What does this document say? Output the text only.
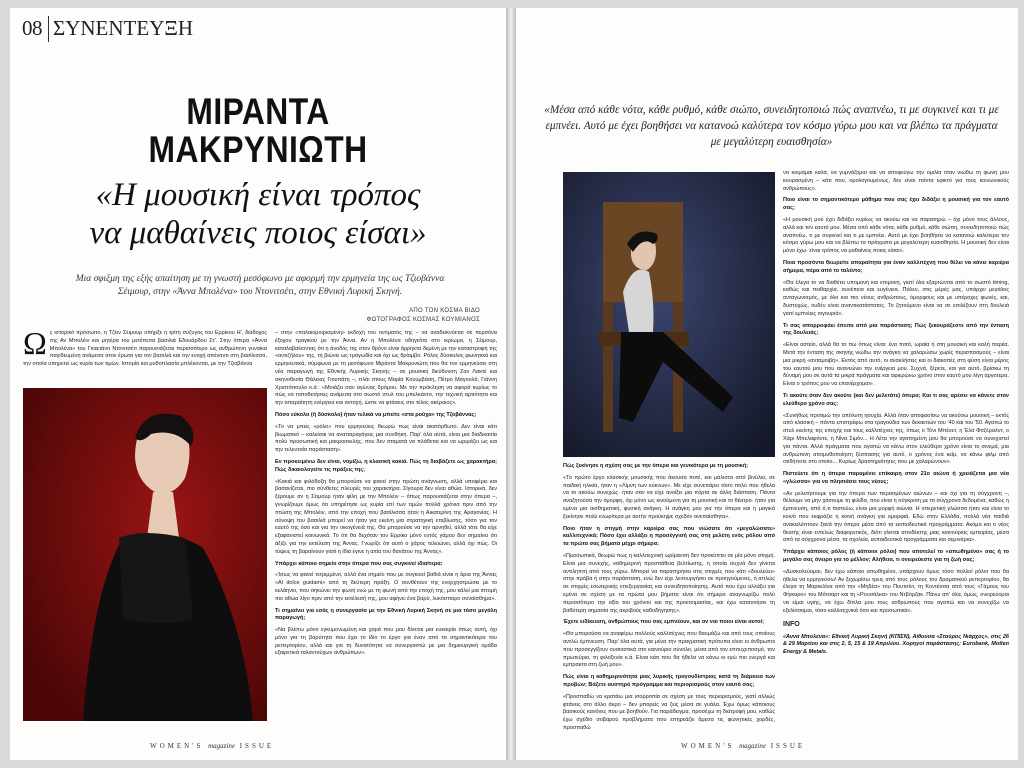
08 ΣΥΝΕΝΤΕΥΞΗ
ΜΙΡΑΝΤΑ
ΜΑΚΡΥΝΙΩΤΗ
«Η μουσική είναι τρόπος
να μαθαίνεις ποιος είσαι»
Μια σφιξμη της εξής απαίτηση με τη γνωστή μεσόφωνο με αφορμή την ερμηνεία της ως Τζιοβάννα Σέιμουρ, στην «Άννα Μπολένα» του Ντονιτσέτι, στην Εθνική Λυρική Σκηνή.
ΑΠΟ ΤΟΝ ΚΟΣΜΑ ΒΙΔΟ
ΦΩΤΟΓΡΑΦΟΣ ΚΟΣΜΑΣ ΚΟΥΜΙΑΝΟΣ
Ω ς ιστορικό πρόσωπο, η Τζέιν Σέιμουρ υπήρξε η τρίτη σύζυγος του Ερρίκου Η', διάδοχος της Αν Μπολέιν και μητέρα του μετέπειτα βασιλιά Εδουάρδου Στ'. Στην όπερα «Άννα Μπολένα» του Γκαετάνο Ντονιτσέτι παρουσιάζεται περισσότερο ως ανθρώπινη γυναίκα παγιδευμένη ανάμεσα στον έρωτα για τον βασιλιά και την ενοχή απέναντι στη βασίλισσα, την οποία υπηρετεί ως κυρία των τιμών. Ιστορία και μυθοπλασία μπλέκονται, με την Τζιοβάννα

– στην «παλαιομοιρισμένη» εκδοχή του ονόματός της – να αναδεικνύεται σε περσόνα έξοχου τραγικού με την Άννα. Αν η Μπολένα οδηγείται στο ικρίωμα, η Σέιμουρ, καταλαβαίνοντας ότι η άνοδός της στον θρόνο είναι άρρηκτα δεμένη με την καταστροφή της «αντιζήλου» της, τη βιώνει ως τραγωδία και όχι ως θρίαμβο. Ρόλος δύσκολος φωνητικά και ερμηνευτικά, σύμφωνα με τη μεσόφωνο Μιράντα Μακρυνιώτη που θα τον ερμηνεύσει στη νέα παραγωγή της Εθνικής Λυρικής Σκηνής – σε μουσική διεύθυνση Ζαν Λακτέ και σκηνοθεσία Θάλειας Γιουπάτη –, πλάι στους Μαρία Κουυμβάση, Πέτρο Μαγουλά, Γιάννη Χριστόπουλο κ.ά.: «Μοιάζει σαν αγώνας δρόμου. Με την πρόκληση να αφορά κυρίως το πώς να τοποθετήσεις ανάμεσα στο σωστό στυλ του μπελκάντο, την τεχνική αρτιότητα και την απαραίτητη ενέργεια και αντοχή, ώστε να φτάσεις στο τέλος ακέραιος».

Πόσο εύκολο (ή δύσκολο) ήταν τελικά να μπείτε «στα ρούχα» της Τζοβάννας;

«Το να μπεις «ρόλο» που ερμηνεύεις θεωρώ πως είναι ακατόρθωτο. Δεν είναι κάτι βιωματικό – καλείσαι να αναπαραγάγεις μια συνθήκη. Παρ' όλα αυτά, είναι μια διαδικασία πολύ προσωπική και μακροσκελής, που δεν σταματά να πλάθεται και να ωριμάζει ως και την τελευταία παράσταση».

Εν προκειμένω δεν είναι, νομίζω, η κλασική κακιά. Πώς τη διαβάζετε ως χαρακτήρα; Πώς δικαιολογείτε τις πράξεις της;

«Κακιά και φιλόδοξη θα μπορούσε να φανεί στην πρώτη ανάγνωση, αλλά υποφέρει και βασανίζεται, πιο σύνθετες πλευρές του χαρακτήρα. Σίγουρα δεν είναι αθώα. Ιστορικά, δεν ξέρουμε αν η Σέιμουρ ήταν φίλη με την Μπολέιν – όπως παρουσιάζεται στην όπερα –, γνωρίζουμε όμως ότι υπηρέτησε ως κυρία επί των τιμών πολλά χρόνια πριν από την πτώση της Μπολέιν, από την εποχή που βασίλισσα ήταν η Αικατερίνη της Αραγονίας. Η σύνοψη του βασιλιά μπορεί να ήταν για εκείνη μια στρατηγική επιβίωσης, τόσο για τον εαυτό της όσο και για την οικογένειά της. Θα μπορούσε να την αρνηθεί, αλλά τότε θα είχε εξαφανιστεί κοινωνικά. Το ότι θα δεχόταν τον Ερρίκο μόνο εντός γάμου δεν σημαίνει ότι άξιζε για την εκτέλεση της Άννας. Γνωρίζε ότι αυτό ο χάρος τελειώνει, αλλά όχι πώς. Οι τύψεις τη βαραίνουν γιατί η ίδια έγινε η αιτία του θανάτου της Άννας».

Υπάρχει κάποιο σημείο στην όπερα που σας συγκινεί ιδιαίτερα;

«Ίσως να φανεί τετριμμένο, αλλά ένα σημείο που με συγκινεί βαθιά είναι η άρια της Άννας «Al dolce guidami» από τη δεύτερη πράξη. Ο συνθέτουν της ενορχηστρώσει με το κελάηνιο, που σηκώνει την φωνή ενώ με τη φωνή από την εποχή της, μου κάλεί μια ιπτομή πιο αθώα λίγο πριν από την εκτέλεσή της, μου αφήνει ένα βαρύ, λυκόσπαρο συναίσθημα».

Τι σημαίνει για εσάς η συνεργασία με την Εθνική Λυρική Σκηνή σε μια τόσο μεγάλη παραγωγή;

«Να βλέπω μόνο εγκυμονωμένη και χαρά που μου δίνεται μια ευκαιρία όπως αυτή, όχι μόνο για τη βαρύτητα που έχει το ίδιο το έργο για έναν από τα σημαντικότερα του ρεπερτορίου, αλλά και για τη δυνατότητα να συνεργαστώ με μια δημιουργική ομάδα εξαιρετικά ταλαντούχων ανθρώπων».

WOMEN'S magazine ISSUE
«Μέσα από κάθε νότα, κάθε ρυθμό, κάθε σιώπο, συνειδητοποιώ πώς αναπνέω, τι με συγκινεί και τι με εμπνέει. Αυτό με έχει βοηθήσει να κατανοώ καλύτερα τον κόσμο γύρω μου και να βλέπω τα πράγματα με μεγαλύτερη ευαισθησία»

Πώς ξεκίνησε η σχέση σας με την όπερα και γενικότερα με τη μουσική;

«Το πρώτο έργο κλασικής μουσικής που άκουσα ποτέ, και μάλιστα από βινύλιο, σε παιδική ηλικία, ήταν η «Λίμνη των κύκνων». Με είχε συνεπάρει τόσο πολύ που ήθελα να το ακούω συνεχώς· ήταν σαν να είχε ανοίξει μια πόρτα σε άλλη διάσταση. Πάντα αναζητούσα την όμορφη, όχι μόνο ως κινούμενη για τη μουσική και το θέατρο· ήταν για εμένα μια αισθηματική, φυσική ανάγκη. Η ανάγκη μου για την όπερα και η μαγικά ξεκίνησε πολύ ενωρίτερα με αυτήν προύκηψε σχεδόν ανεπαίσθητα».

Ποιο ήταν η στιγμή στην καριέρα σας που νιώσατε ότι «μεγαλώσατε» καλλιτεχνικά; Πόσο έχει αλλάξει η προσέγγισή σας στη μελέτη ενός ρόλου από τα πρώτα σας βήματα μέχρι σήμερα;

«Προσωπικά, θεωρώ πως η καλλιτεχνική ωρίμανση δεν προκύπτει σε μία μόνο στιγμή. Είναι μια συνεχής, καθημερινή προσπάθεια βελτίωσης, η οποία συχνά δεν γίνεται αντιληπτή από τους γύρω. Μπορεί να παρατηρήσει στις στιγμές που κάτι «δουλεύει» στην πρόβα ή στην παράσταση, ενώ δεν είχε λειτουργήσει σε προηγούμενες, ή απλώς σε στιγμές εσωτερικής επεξεργασίας και συνειδητοποίησης. Αυτό που έχει αλλάξει για εμένα σε σχέση με τα πρώτα μου βήματα είναι ότι σήμερα αναγνωρίζω πολύ περισσότερο την αξία του χρόνου και της προετοιμασίας, και έχω κατανοήσει τη βαθύτερη σημασία της ακριβούς καθοδήγησης».

Έχετε ειδίκευση, ανθρώπους που σας εμπνέουν, και αν ναι ποιοι είναι αυτοί;

«Θα μπορούσα να αναφέρω πολλούς καλλιτέχνες που θαυμάζω και από τους οποίους αντλώ έμπνευση. Παρ' όλα αυτά, για μένα την πραγματική πρότυπα είναι οι άνθρωποι που προσεγγίζουν ουσιαστικά στο καινούριο σύνολο, μέσα από τον επιτυχεποσμό, τον πρωτεύριο, τη φιλοξενία κ.ά. Είναι κάτι που θα ήθελα να κάνω κι εγώ πιο ενεργά και εμπρακτα στη ζωή μου».

Πώς είναι η καθημερινότητα μιας λυρικής τραγουδίστριας κατά τη διάρκεια των προβών; Βάζετε αυστηρό πρόγραμμα και περιορισμούς στον εαυτό σας;

«Προσπαθώ να κρατάω μια ισορροπία σε σχέση με τους περιορισμούς, γιατί αλλιώς φτάνεις στο άλλο άκρο – δεν μπορείς να ζεις μέσα σε γυάλα. Έχω όμως κάποιους βασικούς κανόνες που με βοηθούν. Για παράδειγμα, προσέχω τη διατροφή μου, καθώς έχω σχέδιο σοβαρού προβλήματα που επηρεάζει άμεσα τις φωνητικές χορδές, προσπαθώ

να κοιμάμαι καλά, να γυμνάζομαι και να αποφεύγω την ομιλία όταν νιώθω τη φωνή μου κουρασμένη – κάτι που, ομολογουμένως, δεν είναι πάντα εφικτό για τους κοινωνικούς ανθρώπους».

Ποιο είναι το σημαντικότερο μάθημα που σας έχει διδάξει η μουσική για τον εαυτό σας;

«Η μουσική μού έχει διδάξει κυρίως να ακούω και να παρατηρώ – όχι μόνο τους άλλους, αλλά και τον εαυτό μου. Μέσα από κάθε νότα, κάθε ρυθμό, κάθε σιώπη, συνειδητοποιώ πώς αναπνέω, τι με συγκινεί και τι με εμπνέει. Αυτό με έχει βοηθήσει να κατανοώ καλύτερα τον κόσμο γύρω μου και να βλέπω τα πράγματα με μεγαλύτερη ευαισθησία. Η μουσική δεν είναι μόνο έχω· είναι τρόπος να μαθαίνεις ποιος είσαι».

Ποια προσόντα θεωρείτε απαραίτητα για έναν καλλιτέχνη που θέλει να κάνει καριέρα σήμερα, πέρα από το ταλέντο;

«Θα έλεγα το να διαθέτει υπομονή και επιμονή, γιατί όλα εξαρτώνται από το σωστό timing, καθώς και πειθαρχία, συνέπεια και ευγένεια. Πάλεν, στις μέρες μας, υπάρχει μεγάλος ανταγωνισμός, με όλο και πιο νέους ανθρώπους, όμορφους και με υπέροχες φωνές, και, δυστυχώς, ουδέν είναι αναντικατάστατος. Το ζητούμενο είναι να σε επιλέξουν στη δουλειά γιατί εμπνέεις σιγουριά».

Τι σας απορροφάει έπειτα από μια παράσταση; Πώς ξεκουράζεστε από την ένταση της δουλειάς;

«Είναι αστείο, αλλά θα το πω όπως είναι: ένα ποτό, ωραία ή στη μουσική και καλή παρέα. Μετά την ένταση της σκηνής νιώθω την ανάγκη να χαλαρώσω χωρίς περισπασμούς – είναι μια μικρή «ανταμοιβή». Εκτός από αυτό, οι ανακλήσεις και οι διακοπές στη φύση είναι μέρος του εαυτού μου που ανανεώνει την ενέργεια μου. Συχνά, ξέρετε, και για αυτό, βρίσκω τη δύναμή μου σε αυτά τα μικρά πράγματα και αφιερώνω χρόνο στον εαυτό μου λίγη αργοτερα. Είναι ο τρόπος μου να επανέρχομαι».

Τι ακούτε όταν δεν ακούτε (και δεν μελετάτε) όπερα; Και τι σας αρέσει να κάνετε στον ελεύθερο χρόνο σας;

«Συνήθως προτιμώ την απόλυτη ησυχία. Αλλά όταν αποφασίσω να ακούσω μουσική – εκτός από κλασική – πάντα επιστρέφω στα τραγούδια των δεκαετιών του '40 και του '50. Αγαπώ το στυλ εκείνης της εποχής και τους καλλιτέχνες της, όπως ο Τόνι Μπένετ, η Έλα Φιτζέραλντ, ο Χάρι Μπελαφόντε, η Νίνα Σιμόν... Η Λέτα την αγαπημένη μου θα μπορούσε να συνεχιστεί για πάντα. Αλλά πράγματα που αγαπώ να κάνω στον ελεύθερο χρόνο είναι το σινεμά, μια ανθρώπινη απομυθοποίηση ξέσπασης για αυτό, ο χρόνος ένα κείμ, να κάνω φιλμ από οτιδήποτε στο οποίο... Κυρίως δραστηριότητες που με χαλαρώνουν».

Πιστεύετε ότι η όπερα παραμένει επίκαιρη στον 21ο αιώνα ή χρειάζεται μια νέα «γλώσσα» για να πλησιάσει τους νέους;

«Αν μελετήσουμε για την όπερα των περασμένων αιώνων – και όχι για τη σύγχρονη –, θέλουμε να μην χάσουμε τη φιλίδα, που είναι η σύγκριση με τα σύγχρονα δεδομένα, καθώς η έμπνευση, από ό,τι πιστεύω, είναι μια μορφή αιώνια. Η οπερετική γλώσσα ήταν και είναι το κοινό που εκφράζει η κοινή ανάγκη για ομορφιά. Εδώ στην Ελλάδα, πολλά νέα παιδιά ανακαλύπτουν ξανά την όπερα μέσα από τα εκπαιδευτικά προγράμματα. Ακόμα και ο νέος θεατής είναι εντελώς διαφορετικός, διότι γίνεται αποδέκτης μιας καινούριας εμπειρίας, μέσα από τα σύγχρονα μέσα, τα σχολεία, εκπαιδευτικά προγράμματα και σεμινάρια».

Υπάρχει κάποιος ρόλος (ή κάποιοι ρόλοι) που αποτελεί το «απωθημένο» σας ή το μεγάλο σας όνειρο για το μέλλον; Αλήθεια, τι ονειρεύεστε για τη ζωή σας;

«Δυσκολεύομαι, δεν έχω κάποιο απωθημένο, υπάρχουν όμως τόσο πολλοί ρόλοι που θα ήθελα να ερμηνεύσω! Αν ξεχωρίσω τρεις από τους ρόλους του δραματικού ρεπερτορίου, θα έλεγα τη Μαρκελίνα από την «Μηδέα» του Πουτσίνι, τη Κοντέσσα από τους «Γάμους του Φίγκαρο» του Μότσαρτ και τη «Ρουσάλκα» του Ντβόρζακ. Πάνω απ' όλα, όμως, ονειρεύομαι να είμαι υγιής, να έχω δίπλα μου τους ανθρώπους που αγαπώ και να συνεχίζω να εξελίσσομαι, τόσο καλλιτεχνικά όσο και προσωπικά».

INFO

«Άννα Μπολένα»: Εθνική Λυρική Σκηνή (ΚΠΙΣΝ), Αίθουσα «Σταύρος Νιάρχος», στις 26 & 29 Μαρτίου και στις 2, 5, 15 & 19 Απριλίου. Χορηγοί παράστασης: Eurobank, Motlen Energy & Metals.

WOMEN'S magazine ISSUE
